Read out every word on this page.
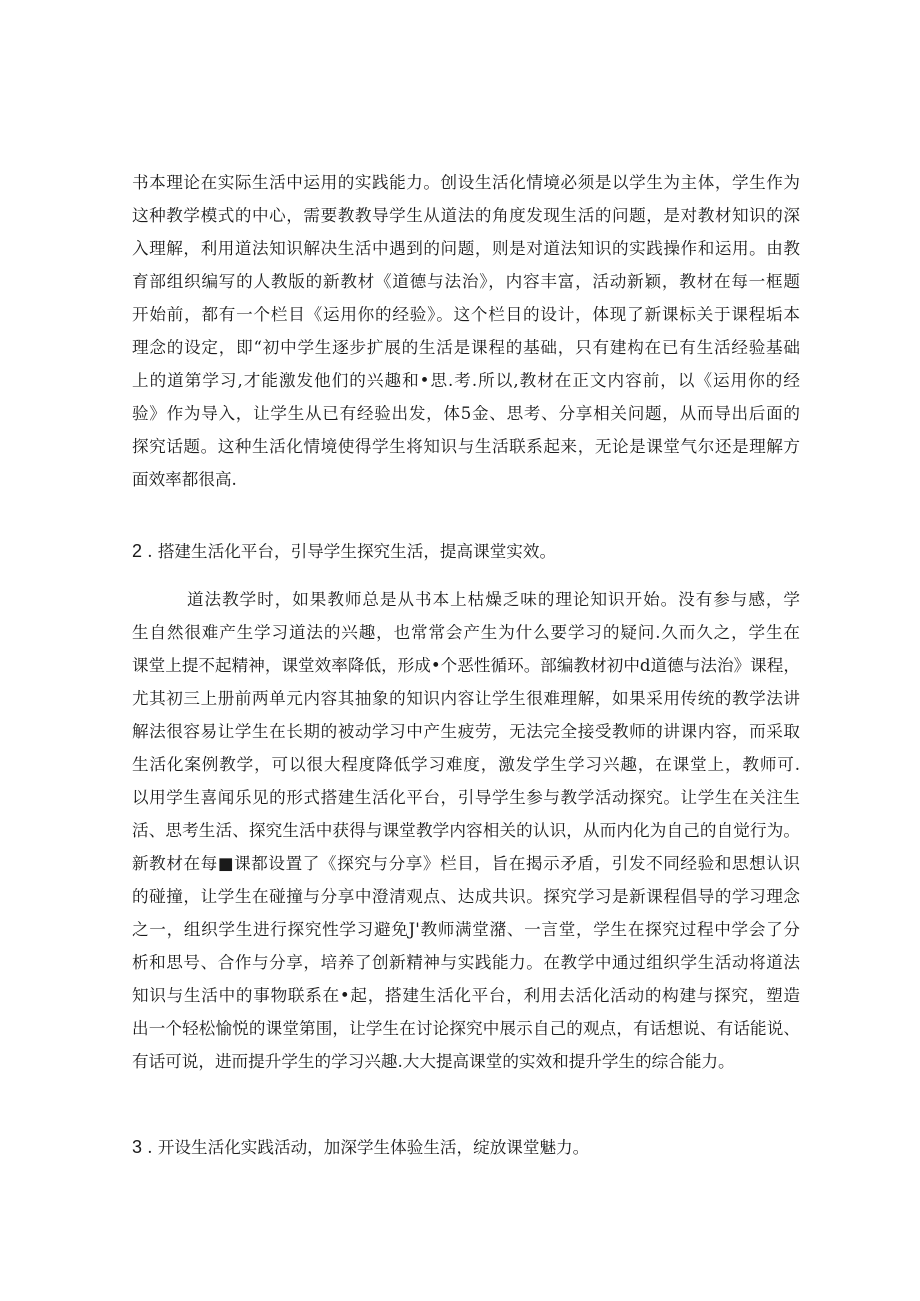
书本理论在实际生活中运用的实践能力。创设生活化情境必须是以学生为主体，学生作为
这种教学模式的中心，需要教教导学生从道法的角度发现生活的问题，是对教材知识的深
入理解，利用道法知识解决生活中遇到的问题，则是对道法知识的实践操作和运用。由教
育部组织编写的人教版的新教材《道德与法治》，内容丰富，活动新颖，教材在每一框题
开始前，都有一个栏目《运用你的经验》。这个栏目的设计，体现了新课标关于课程垢本
理念的设定，即“初中学生逐步扩展的生活是课程的基础，只有建构在已有生活经验基础
上的道第学习,才能激发他们的兴趣和•思.考.所以,教材在正文内容前，以《运用你的经
验》作为导入，让学生从已有经验出发，体5金、思考、分享相关问题，从而导出后面的
探究话题。这种生活化情境使得学生将知识与生活联系起来，无论是课堂气尔还是理解方
面效率都很高.
2 . 搭建生活化平台，引导学生探究生活，提高课堂实效。
道法教学时，如果教师总是从书本上枯燥乏味的理论知识开始。没有参与感，学
生自然很难产生学习道法的兴趣，也常常会产生为什么要学习的疑问.久而久之，学生在
课堂上提不起精神，课堂效率降低，形成•个恶性循环。部编教材初中d道德与法治》课程，
尤其初三上册前两单元内容其抽象的知识内容让学生很难理解，如果采用传统的教学法讲
解法很容易让学生在长期的被动学习中产生疲劳，无法完全接受教师的讲课内容，而采取
生活化案例教学，可以很大程度降低学习难度，激发学生学习兴趣，在课堂上，教师可.
以用学生喜闻乐见的形式搭建生活化平台，引导学生参与教学活动探究。让学生在关注生
活、思考生活、探究生活中获得与课堂教学内容相关的认识，从而内化为自己的自觉行为。
新教材在每■课都设置了《探究与分享》栏目，旨在揭示矛盾，引发不同经验和思想认识
的碰撞，让学生在碰撞与分享中澄清观点、达成共识。探究学习是新课程倡导的学习理念
之一，组织学生进行探究性学习避免J'教师满堂潴、一言堂，学生在探究过程中学会了分
析和思号、合作与分享，培养了创新精神与实践能力。在教学中通过组织学生活动将道法
知识与生活中的事物联系在•起，搭建生活化平台，利用去活化活动的构建与探究，塑造
出一个轻松愉悦的课堂第围，让学生在讨论探究中展示自己的观点，有话想说、有话能说、
有话可说，进而提升学生的学习兴趣.大大提高课堂的实效和提升学生的综合能力。
3 . 开设生活化实践活动，加深学生体验生活，绽放课堂魅力。
